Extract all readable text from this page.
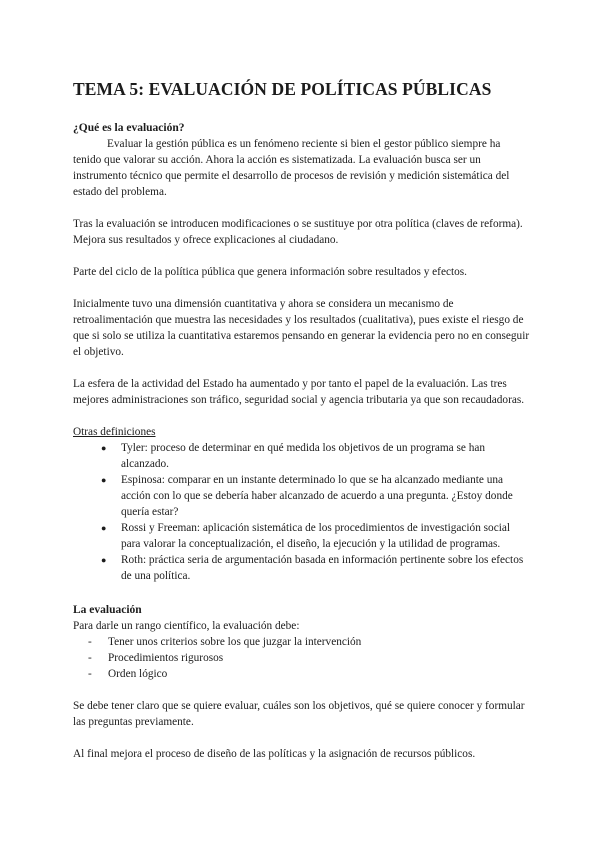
TEMA 5: EVALUACIÓN DE POLÍTICAS PÚBLICAS
¿Qué es la evaluación?

Evaluar la gestión pública es un fenómeno reciente si bien el gestor público siempre ha tenido que valorar su acción. Ahora la acción es sistematizada. La evaluación busca ser un instrumento técnico que permite el desarrollo de procesos de revisión y medición sistemática del estado del problema.

Tras la evaluación se introducen modificaciones o se sustituye por otra política (claves de reforma). Mejora sus resultados y ofrece explicaciones al ciudadano.

Parte del ciclo de la política pública que genera información sobre resultados y efectos.

Inicialmente tuvo una dimensión cuantitativa y ahora se considera un mecanismo de retroalimentación que muestra las necesidades y los resultados (cualitativa), pues existe el riesgo de que si solo se utiliza la cuantitativa estaremos pensando en generar la evidencia pero no en conseguir el objetivo.

La esfera de la actividad del Estado ha aumentado y por tanto el papel de la evaluación. Las tres mejores administraciones son tráfico, seguridad social y agencia tributaria ya que son recaudadoras.

Otras definiciones

● Tyler: proceso de determinar en qué medida los objetivos de un programa se han alcanzado.
● Espinosa: comparar en un instante determinado lo que se ha alcanzado mediante una acción con lo que se debería haber alcanzado de acuerdo a una pregunta. ¿Estoy donde quería estar?
● Rossi y Freeman: aplicación sistemática de los procedimientos de investigación social para valorar la conceptualización, el diseño, la ejecución y la utilidad de programas.
● Roth: práctica seria de argumentación basada en información pertinente sobre los efectos de una política.
La evaluación

Para darle un rango científico, la evaluación debe:

- Tener unos criterios sobre los que juzgar la intervención
- Procedimientos rigurosos
- Orden lógico

Se debe tener claro que se quiere evaluar, cuáles son los objetivos, qué se quiere conocer y formular las preguntas previamente.

Al final mejora el proceso de diseño de las políticas y la asignación de recursos públicos.
